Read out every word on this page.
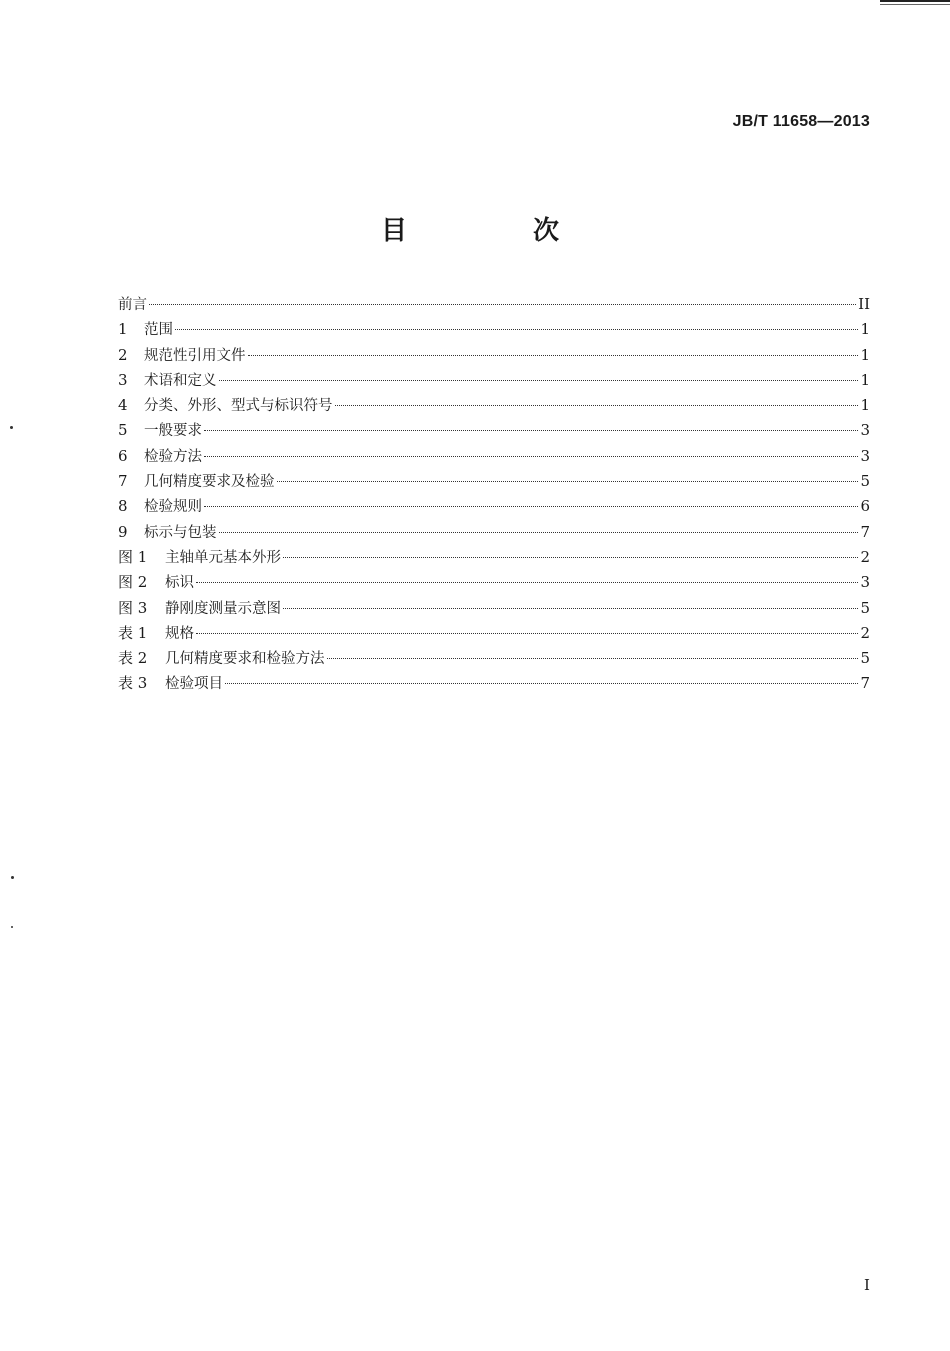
JB/T 11658—2013
目　次
前言	II
1	范围	1
2	规范性引用文件	1
3	术语和定义	1
4	分类、外形、型式与标识符号	1
5	一般要求	3
6	检验方法	3
7	几何精度要求及检验	5
8	检验规则	6
9	标示与包装	7
图 1	主轴单元基本外形	2
图 2	标识	3
图 3	静刚度测量示意图	5
表 1	规格	2
表 2	几何精度要求和检验方法	5
表 3	检验项目	7
I
